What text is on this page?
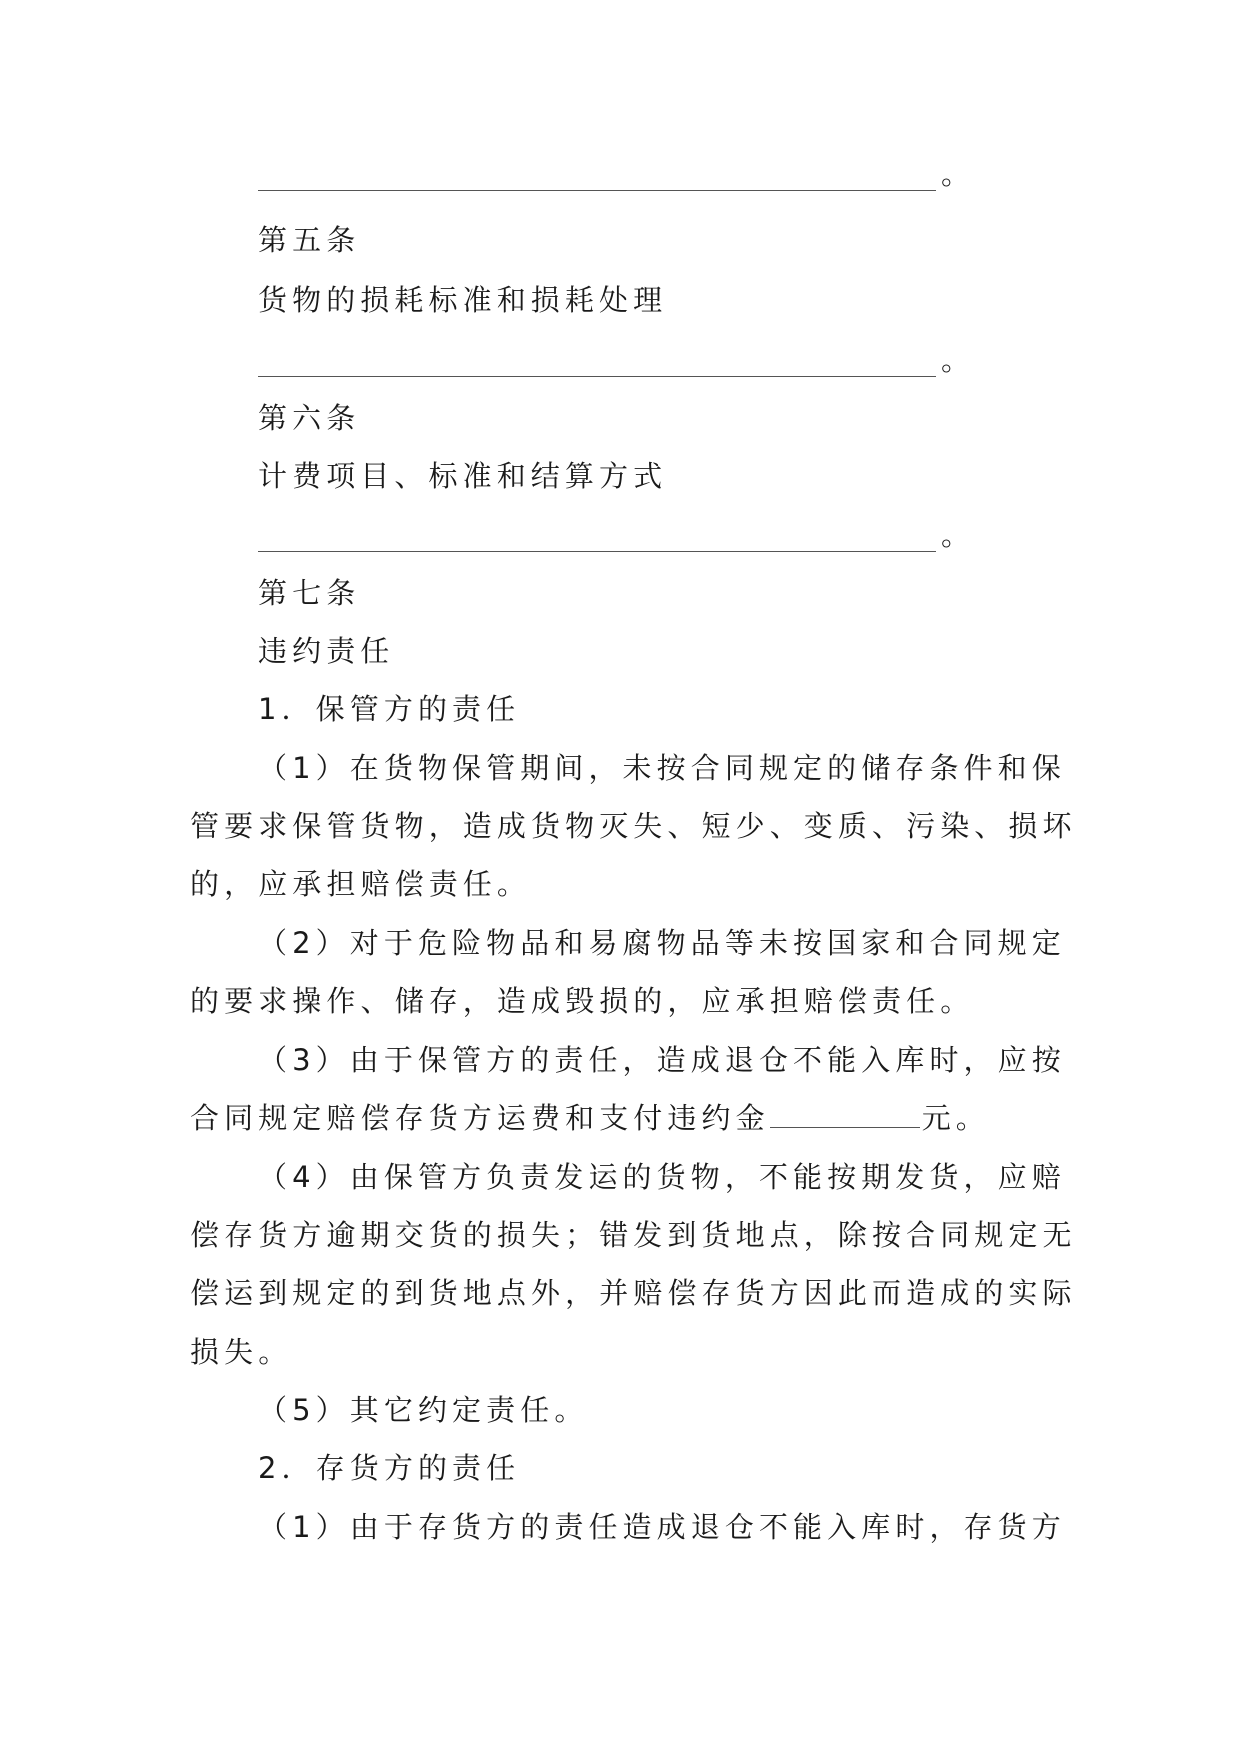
。
第五条
货物的损耗标准和损耗处理
。
第六条
计费项目、标准和结算方式
。
第七条
违约责任
1．保管方的责任
（1）在货物保管期间，未按合同规定的储存条件和保
管要求保管货物，造成货物灭失、短少、变质、污染、损坏
的，应承担赔偿责任。
（2）对于危险物品和易腐物品等未按国家和合同规定
的要求操作、储存，造成毁损的，应承担赔偿责任。
（3）由于保管方的责任，造成退仓不能入库时，应按
合同规定赔偿存货方运费和支付违约金	元。
（4）由保管方负责发运的货物，不能按期发货，应赔
偿存货方逾期交货的损失；错发到货地点，除按合同规定无
偿运到规定的到货地点外，并赔偿存货方因此而造成的实际
损失。
（5）其它约定责任。
2．存货方的责任
（1）由于存货方的责任造成退仓不能入库时，存货方
